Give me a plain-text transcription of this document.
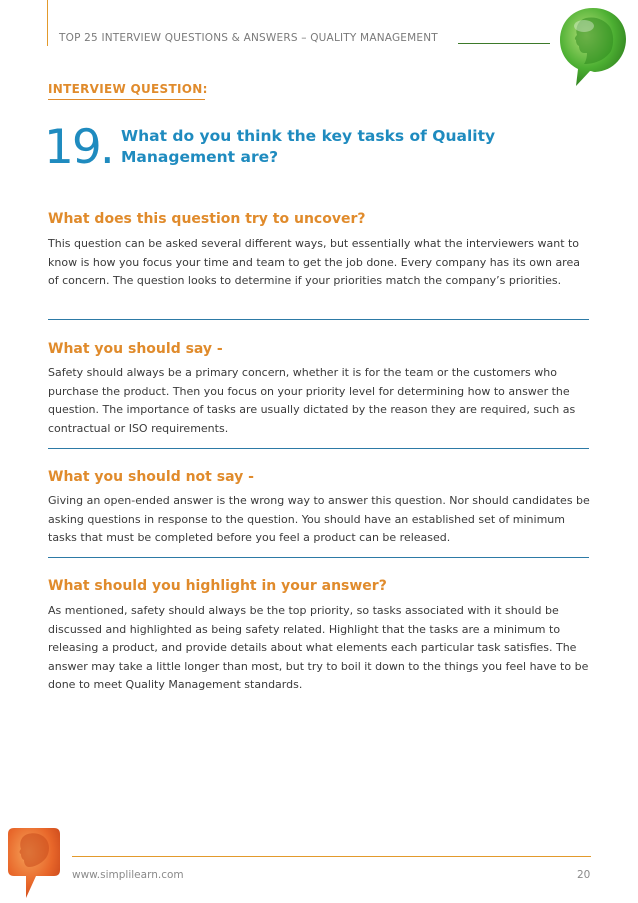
TOP 25 INTERVIEW QUESTIONS & ANSWERS – QUALITY MANAGEMENT
INTERVIEW QUESTION:
19. What do you think the key tasks of Quality Management are?
What does this question try to uncover?
This question can be asked several different ways, but essentially what the interviewers want to know is how you focus your time and team to get the job done. Every company has its own area of concern. The question looks to determine if your priorities match the company’s priorities.
What you should say -
Safety should always be a primary concern, whether it is for the team or the customers who purchase the product. Then you focus on your priority level for determining how to answer the question. The importance of tasks are usually dictated by the reason they are required, such as contractual or ISO requirements.
What you should not say -
Giving an open-ended answer is the wrong way to answer this question. Nor should candidates be asking questions in response to the question. You should have an established set of minimum tasks that must be completed before you feel a product can be released.
What should you highlight in your answer?
As mentioned, safety should always be the top priority, so tasks associated with it should be discussed and highlighted as being safety related. Highlight that the tasks are a minimum to releasing a product, and provide details about what elements each particular task satisfies. The answer may take a little longer than most, but try to boil it down to the things you feel have to be done to meet Quality Management standards.
www.simplilearn.com	20
